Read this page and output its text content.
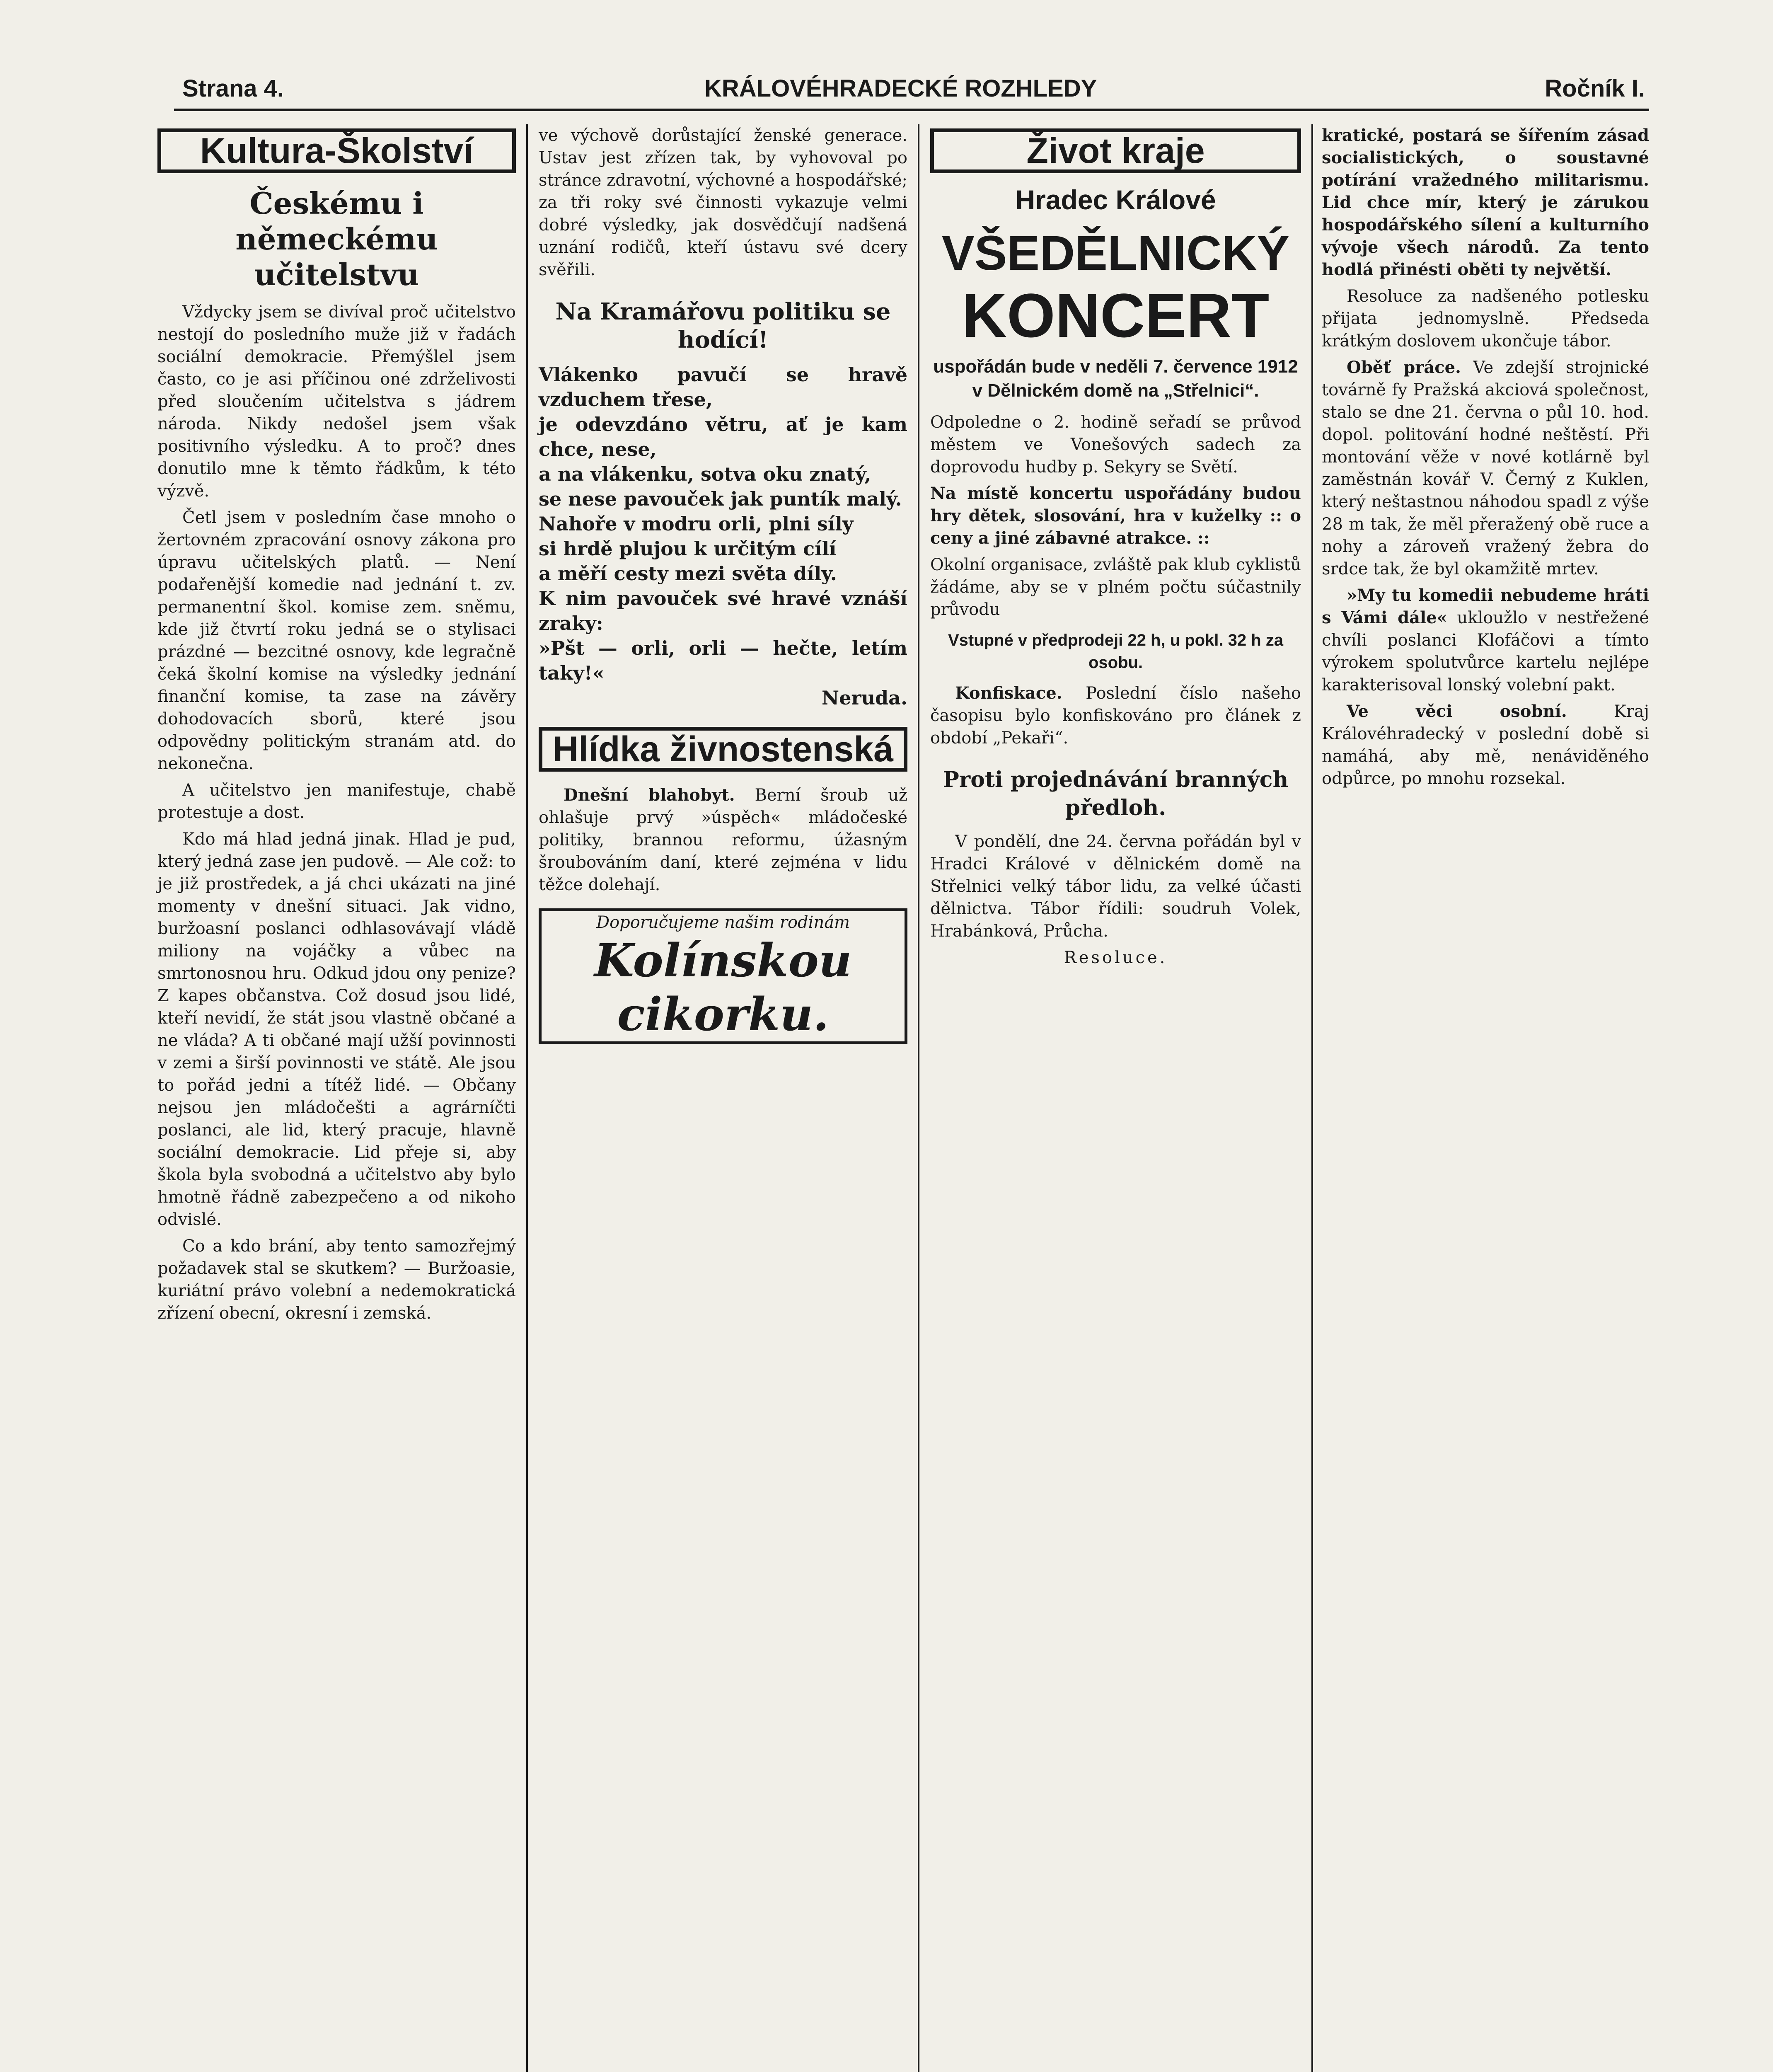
Strana 4.	KRÁLOVÉHRADECKÉ ROZHLEDY	Ročník I.
Kultura-Školství
Českému i německému učitelstvu

Vždycky jsem se divíval proč učitelstvo nestojí do posledního muže již v řadách sociální demokracie. Přemýšlel jsem často, co je asi příčinou oné zdrželivosti před sloučením učitelstva s jádrem národa. Nikdy nedošel jsem však positivního výsledku. A to proč? dnes donutilo mne k těmto řádkům, k této výzvě.

Četl jsem v posledním čase mnoho o žertovném zpracování osnovy zákona pro úpravu učitelských platů. — Není podařenější komedie nad jednání t. zv. permanentní škol. komise zem. sněmu, kde již čtvrtí roku jedná se o stylisaci prázdné — bezcitné osnovy, kde legračně čeká školní komise na výsledky jednání finanční komise, ta zase na závěry dohodovacích sborů, které jsou odpovědny politickým stranám atd. do nekonečna.

A učitelstvo jen manifestuje, chabě protestuje a dost.

Kdo má hlad jedná jinak. Hlad je pud, který jedná zase jen pudově. — Ale což: to je již prostředek, a já chci ukázati na jiné momenty v dnešní situaci. Jak vidno, buržoasní poslanci odhlasovávají vládě miliony na vojáčky a vůbec na smrtonosnou hru. Odkud jdou ony penize? Z kapes občanstva. Což dosud jsou lidé, kteří nevidí, že stát jsou vlastně občané a ne vláda? A ti občané mají užší povinnosti v zemi a širší povinnosti ve státě. Ale jsou to pořád jedni a títéž lidé. — Občany nejsou jen mládočešti a agrárníčti poslanci, ale lid, který pracuje, hlavně sociální demokracie. Lid přeje si, aby škola byla svobodná a učitelstvo aby bylo hmotně řádně zabezpečeno a od nikoho odvislé.

Co a kdo brání, aby tento samozřejmý požadavek stal se skutkem? — Buržoasie, kuriátní právo volební a nedemokratická zřízení obecní, okresní i zemská.

ve výchově dorůstající ženské generace. Ustav jest zřízen tak, by vyhovoval po stránce zdravotní, výchovné a hospodářské; za tři roky své činnosti vykazuje velmi dobré výsledky, jak dosvědčují nadšená uznání rodičů, kteří ústavu své dcery svěřili.

Na Kramářovu politiku se hodící!
Vlákenko pavučí se hravě vzduchem třese,
je odevzdáno větru, ať je kam chce, nese,
a na vlákenku, sotva oku znatý,
se nese pavouček jak puntík malý.
Nahoře v modru orli, plni síly
si hrdě plujou k určitým cílí
a měří cesty mezi světa díly.
K nim pavouček své hravé vznáší zraky:
»Pšt — orli, orli — hečte, letím taky!«
Neruda.
Hlídka živnostenská

Dnešní blahobyt. Berní šroub už ohlašuje prvý »úspěch« mládočeské politiky, brannou reformu, úžasným šroubováním daní, které zejména v lidu těžce dolehají.

Doporučujeme našim rodinám
Kolínskou cikorku.
Život kraje
Hradec Králové
VŠEDĚLNICKÝ
KONCERT
uspořádán bude v neděli 7. července 1912 v Dělnickém domě na „Střelnici“.

Odpoledne o 2. hodině seřadí se průvod městem ve Vonešových sadech za doprovodu hudby p. Sekyry se Světí.

Na místě koncertu uspořádány budou hry dětek, slosování, hra v kuželky :: o ceny a jiné zábavné atrakce. ::

Okolní organisace, zvláště pak klub cyklistů žádáme, aby se v plném počtu súčastnily průvodu

Vstupné v předprodeji 22 h, u pokl. 32 h za osobu.

Konfiskace. Poslední číslo našeho časopisu bylo konfiskováno pro článek z období „Pekaři“.

Proti projednávání branných předloh.

V pondělí, dne 24. června pořádán byl v Hradci Králové v dělnickém domě na Střelnici velký tábor lidu, za velké účasti dělnictva. Tábor řídili: soudruh Volek, Hrabánková, Průcha.

Resoluce.

kratické, postará se šířením zásad socialistických, o soustavné potírání vražedného militarismu. Lid chce mír, který je zárukou hospodářského sílení a kulturního vývoje všech národů. Za tento hodlá přinésti oběti ty největší.

Resoluce za nadšeného potlesku přijata jednomyslně. Předseda krátkým doslovem ukončuje tábor.

Oběť práce. Ve zdejší strojnické továrně fy Pražská akciová společnost, stalo se dne 21. června o půl 10. hod. dopol. politování hodné neštěstí. Při montování věže v nové kotlárně byl zaměstnán kovář V. Černý z Kuklen, který neštastnou náhodou spadl z výše 28 m tak, že měl přeražený obě ruce a nohy a zároveň vražený žebra do srdce tak, že byl okamžitě mrtev.

»My tu komedii nebudeme hráti s Vámi dále« ukloužlo v nestřežené chvíli poslanci Klofáčovi a tímto výrokem spolutvůrce kartelu nejlépe karakterisoval lonský volební pakt.

Ve věci osobní.	Kraj Královéhradecký v poslední době si namáhá, aby mě, nenáviděného odpůrce, po mnohu rozsekal.
